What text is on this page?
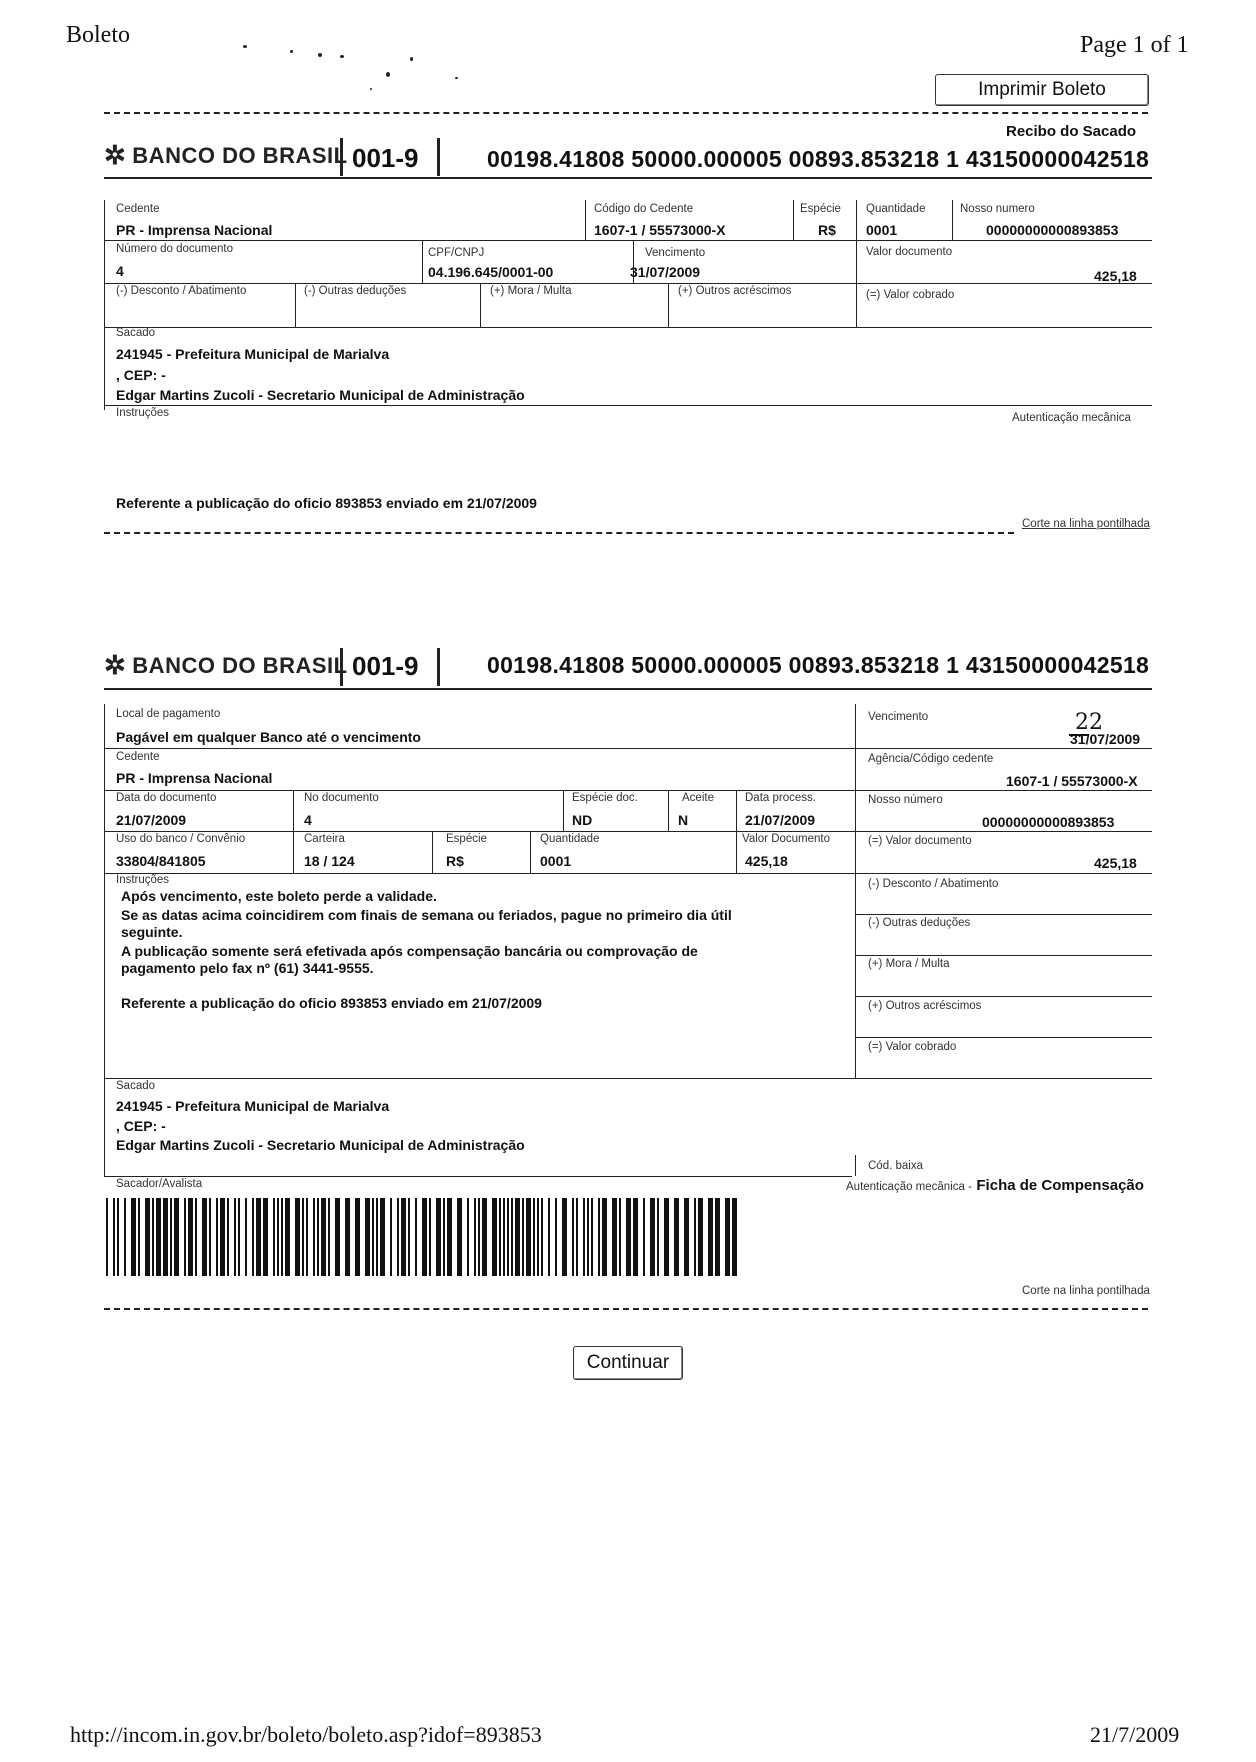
Boleto	Page 1 of 1
Imprimir Boleto
Recibo do Sacado
✲ BANCO DO BRASIL 001-9	00198.41808 50000.000005 00893.853218 1 43150000042518
Cedente
PR - Imprensa Nacional
Código do Cedente
1607-1 / 55573000-X
Espécie
R$
Quantidade
0001
Nosso numero
00000000000893853
Número do documento
4
CPF/CNPJ
04.196.645/0001-00
Vencimento
31/07/2009
Valor documento
425,18
(-) Desconto / Abatimento	(-) Outras deduções	(+) Mora / Multa	(+) Outros acréscimos	(=) Valor cobrado
Sacado
241945 - Prefeitura Municipal de Marialva
, CEP: -
Edgar Martins Zucoli - Secretario Municipal de Administração
Instruções	Autenticação mecânica
Referente a publicação do oficio 893853 enviado em 21/07/2009
Corte na linha pontilhada
✲ BANCO DO BRASIL 001-9	00198.41808 50000.000005 00893.853218 1 43150000042518
Local de pagamento
Pagável em qualquer Banco até o vencimento
Vencimento	22
31/07/2009
Cedente
PR - Imprensa Nacional
Agência/Código cedente
1607-1 / 55573000-X
Data do documento
21/07/2009
No documento
4
Espécie doc.
ND
Aceite
N
Data process.
21/07/2009
Nosso número
00000000000893853
Uso do banco / Convênio
33804/841805
Carteira
18 / 124
Espécie
R$
Quantidade
0001
Valor Documento
425,18
(=) Valor documento
425,18
Instruções
Após vencimento, este boleto perde a validade.
Se as datas acima coincidirem com finais de semana ou feriados, pague no primeiro dia útil
seguinte.
A publicação somente será efetivada após compensação bancária ou comprovação de
pagamento pelo fax nº (61) 3441-9555.
Referente a publicação do oficio 893853 enviado em 21/07/2009
(-) Desconto / Abatimento
(-) Outras deduções
(+) Mora / Multa
(+) Outros acréscimos
(=) Valor cobrado
Sacado
241945 - Prefeitura Municipal de Marialva
, CEP: -
Edgar Martins Zucoli - Secretario Municipal de Administração
Cód. baixa
Sacador/Avalista	Autenticação mecânica - Ficha de Compensação
Corte na linha pontilhada
Continuar
http://incom.in.gov.br/boleto/boleto.asp?idof=893853	21/7/2009
